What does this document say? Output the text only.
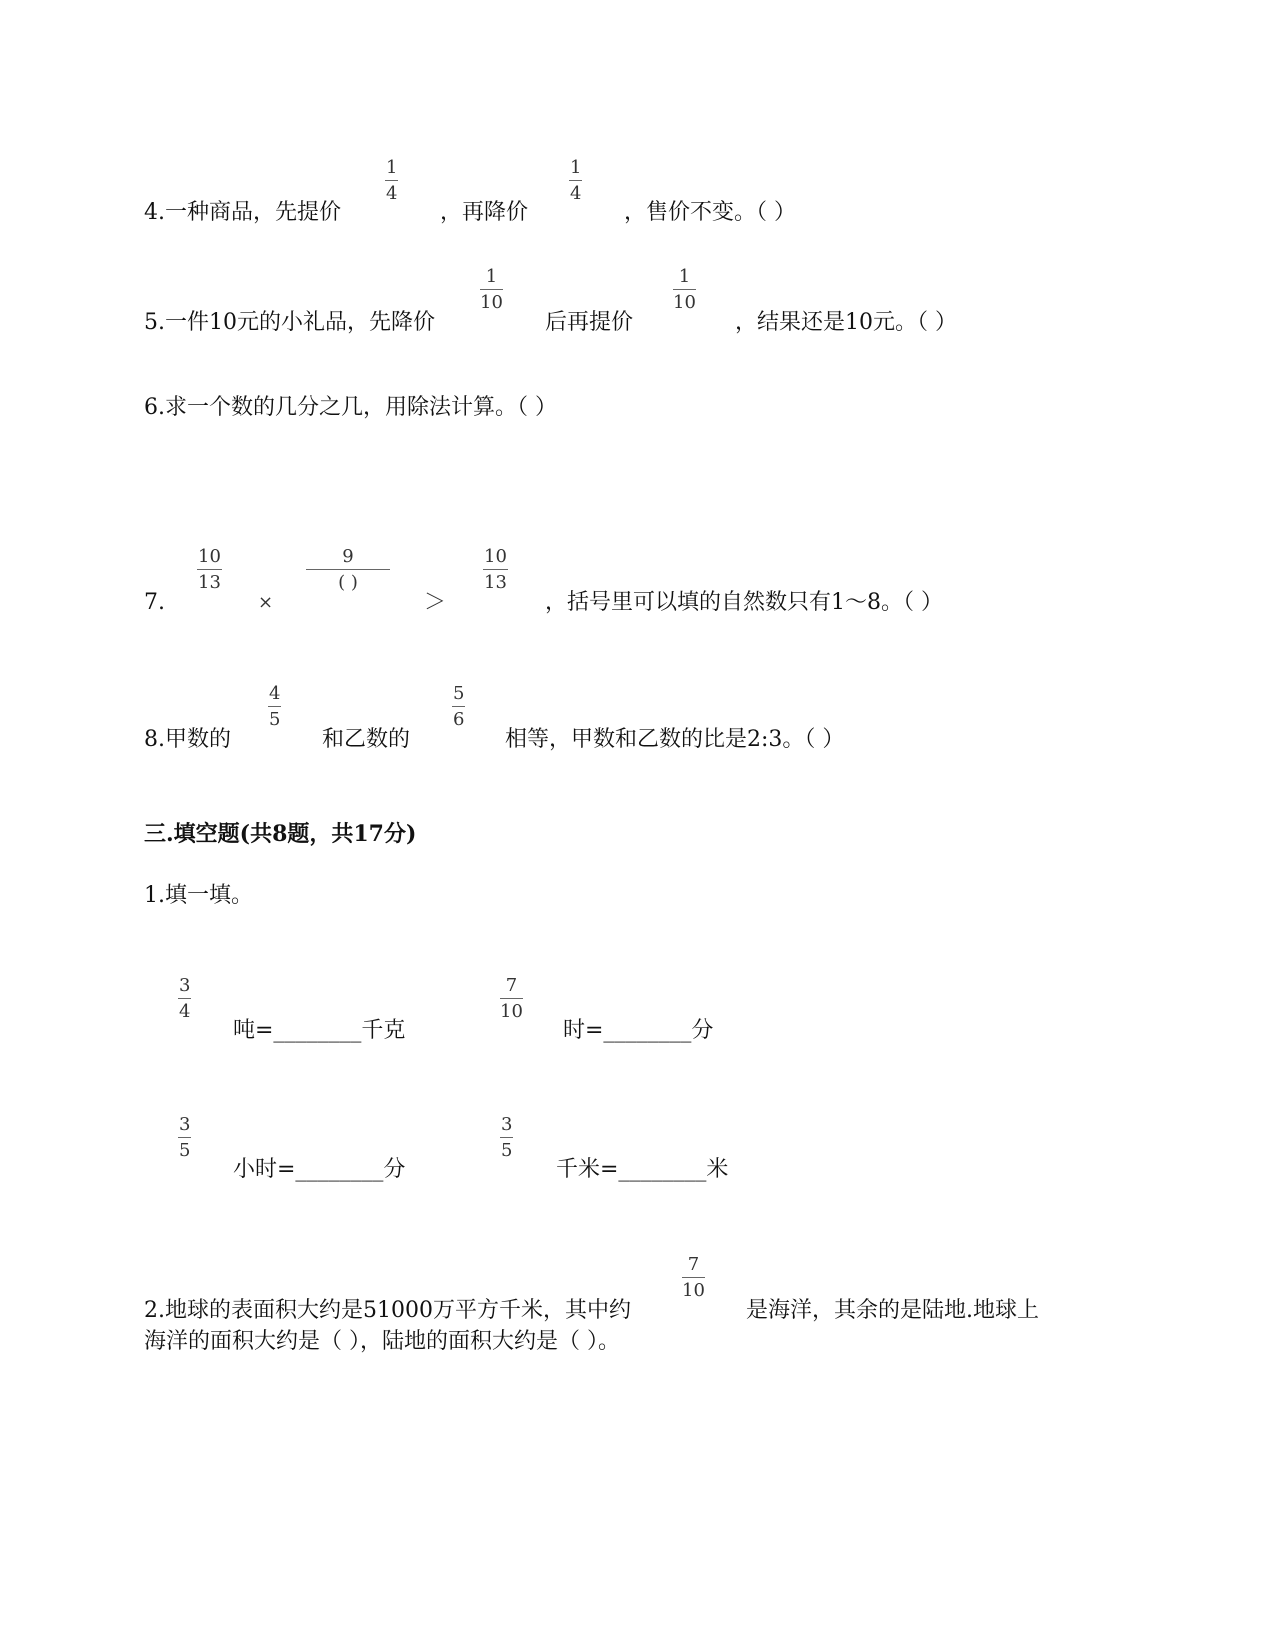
4.一种商品，先提价
1
4
，再降价
1
4
，售价不变。（ ）
5.一件10元的小礼品，先降价
1
10
后再提价
1
10
，结果还是10元。（ ）
6.求一个数的几分之几，用除法计算。（ ）
7.
10
13
×
9
( )
＞
10
13
，括号里可以填的自然数只有1～8。（ ）
8.甲数的
4
5
和乙数的
5
6
相等，甲数和乙数的比是2:3。（ ）
三.填空题(共8题，共17分)
1.填一填。
3
4
吨=________千克
7
10
时=________分
3
5
小时=________分
3
5
千米=________米
2.地球的表面积大约是51000万平方千米，其中约
7
10
是海洋，其余的是陆地.地球上
海洋的面积大约是（ ），陆地的面积大约是（ ）。
